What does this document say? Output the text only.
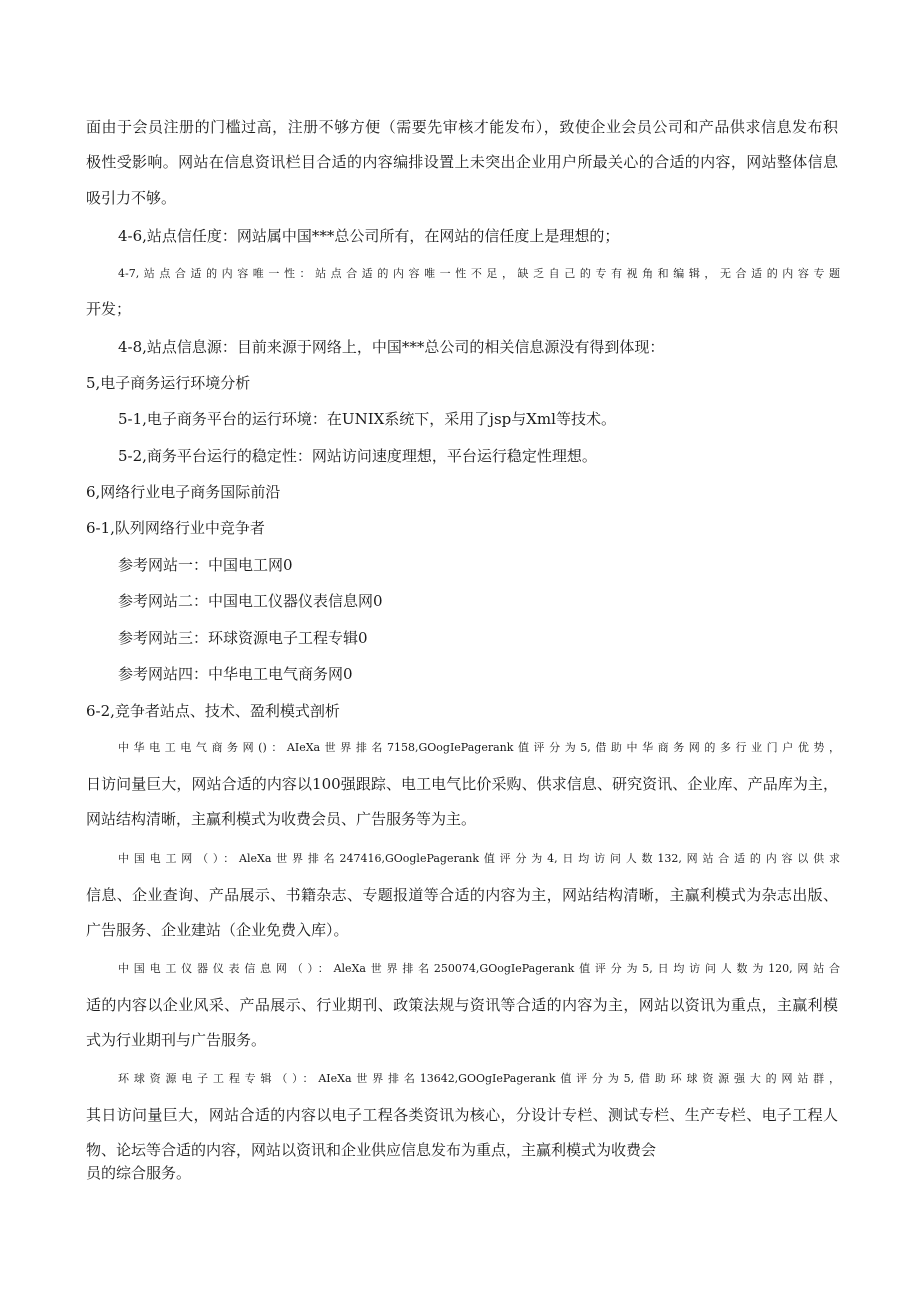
面由于会员注册的门槛过高，注册不够方便（需要先审核才能发布），致使企业会员公司和产品供求信息发布积
极性受影响。网站在信息资讯栏目合适的内容编排设置上未突出企业用户所最关心的合适的内容，网站整体信息
吸引力不够。
4-6,站点信任度：网站属中国***总公司所有，在网站的信任度上是理想的；
4-7,站点合适的内容唯一性：站点合适的内容唯一性不足，缺乏自己的专有视角和编辑，无合适的内容专题
开发；
4-8,站点信息源：目前来源于网络上，中国***总公司的相关信息源没有得到体现：
5,电子商务运行环境分析
5-1,电子商务平台的运行环境：在UNIX系统下，采用了jsp与Xml等技术。
5-2,商务平台运行的稳定性：网站访问速度理想，平台运行稳定性理想。
6,网络行业电子商务国际前沿
6-1,队列网络行业中竞争者
参考网站一：中国电工网0
参考网站二：中国电工仪器仪表信息网0
参考网站三：环球资源电子工程专辑0
参考网站四：中华电工电气商务网0
6-2,竞争者站点、技术、盈利模式剖析
中华电工电气商务网()：AIeXa世界排名7158,GOogIePagerank值评分为5,借助中华商务网的多行业门户优势，
日访问量巨大，网站合适的内容以100强跟踪、电工电气比价采购、供求信息、研究资讯、企业库、产品库为主，
网站结构清晰，主赢利模式为收费会员、广告服务等为主。
中国电工网（）：AleXa世界排名247416,GOoglePagerank值评分为4,日均访问人数132,网站合适的内容以供求
信息、企业查询、产品展示、书籍杂志、专题报道等合适的内容为主，网站结构清晰，主赢利模式为杂志出版、
广告服务、企业建站（企业免费入库）。
中国电工仪器仪表信息网（）：AleXa世界排名250074,GOogIePagerank值评分为5,日均访问人数为120,网站合
适的内容以企业风采、产品展示、行业期刊、政策法规与资讯等合适的内容为主，网站以资讯为重点，主赢利模
式为行业期刊与广告服务。
环球资源电子工程专辑（）：AIeXa世界排名13642,GOOgIePagerank值评分为5,借助环球资源强大的网站群，
其日访问量巨大，网站合适的内容以电子工程各类资讯为核心，分设计专栏、测试专栏、生产专栏、电子工程人
物、论坛等合适的内容，网站以资讯和企业供应信息发布为重点，主赢利模式为收费会
员的综合服务。
